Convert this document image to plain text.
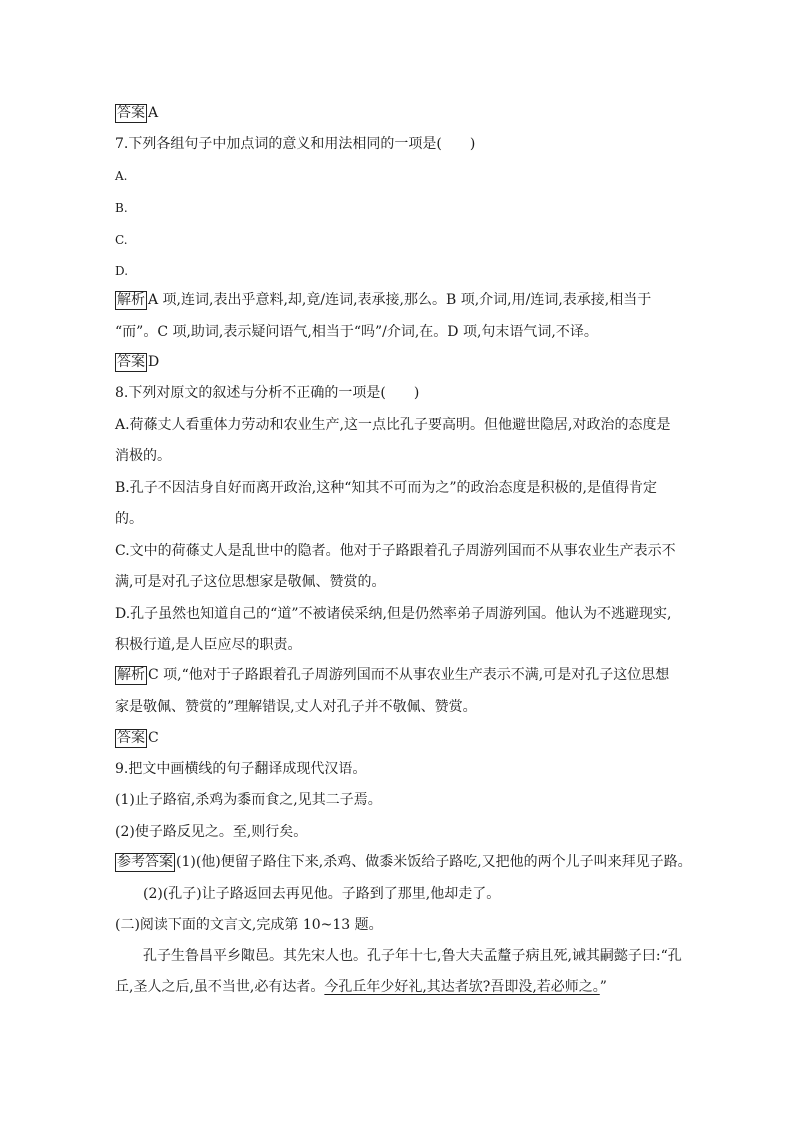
答案 A
7.下列各组句子中加点词的意义和用法相同的一项是(　　)
A.
B.
C.
D.
解析 A 项,连词,表出乎意料,却,竟/连词,表承接,那么。B 项,介词,用/连词,表承接,相当于
“而”。C 项,助词,表示疑问语气,相当于“吗”/介词,在。D 项,句末语气词,不译。
答案 D
8.下列对原文的叙述与分析不正确的一项是(　　)
A.荷蓧丈人看重体力劳动和农业生产,这一点比孔子要高明。但他避世隐居,对政治的态度是
消极的。
B.孔子不因洁身自好而离开政治,这种“知其不可而为之”的政治态度是积极的,是值得肯定
的。
C.文中的荷蓧丈人是乱世中的隐者。他对于子路跟着孔子周游列国而不从事农业生产表示不
满,可是对孔子这位思想家是敬佩、赞赏的。
D.孔子虽然也知道自己的“道”不被诸侯采纳,但是仍然率弟子周游列国。他认为不逃避现实,
积极行道,是人臣应尽的职责。
解析 C 项,“他对于子路跟着孔子周游列国而不从事农业生产表示不满,可是对孔子这位思想
家是敬佩、赞赏的”理解错误,丈人对孔子并不敬佩、赞赏。
答案 C
9.把文中画横线的句子翻译成现代汉语。
(1)止子路宿,杀鸡为黍而食之,见其二子焉。
(2)使子路反见之。至,则行矣。
参考答案 (1)(他)便留子路住下来,杀鸡、做黍米饭给子路吃,又把他的两个儿子叫来拜见子路。
(2)(孔子)让子路返回去再见他。子路到了那里,他却走了。
(二)阅读下面的文言文,完成第 10~13 题。
孔子生鲁昌平乡陬邑。其先宋人也。孔子年十七,鲁大夫孟釐子病且死,诫其嗣懿子曰:“孔
丘,圣人之后,虽不当世,必有达者。今孔丘年少好礼,其达者欤?吾即没,若必师之。”
